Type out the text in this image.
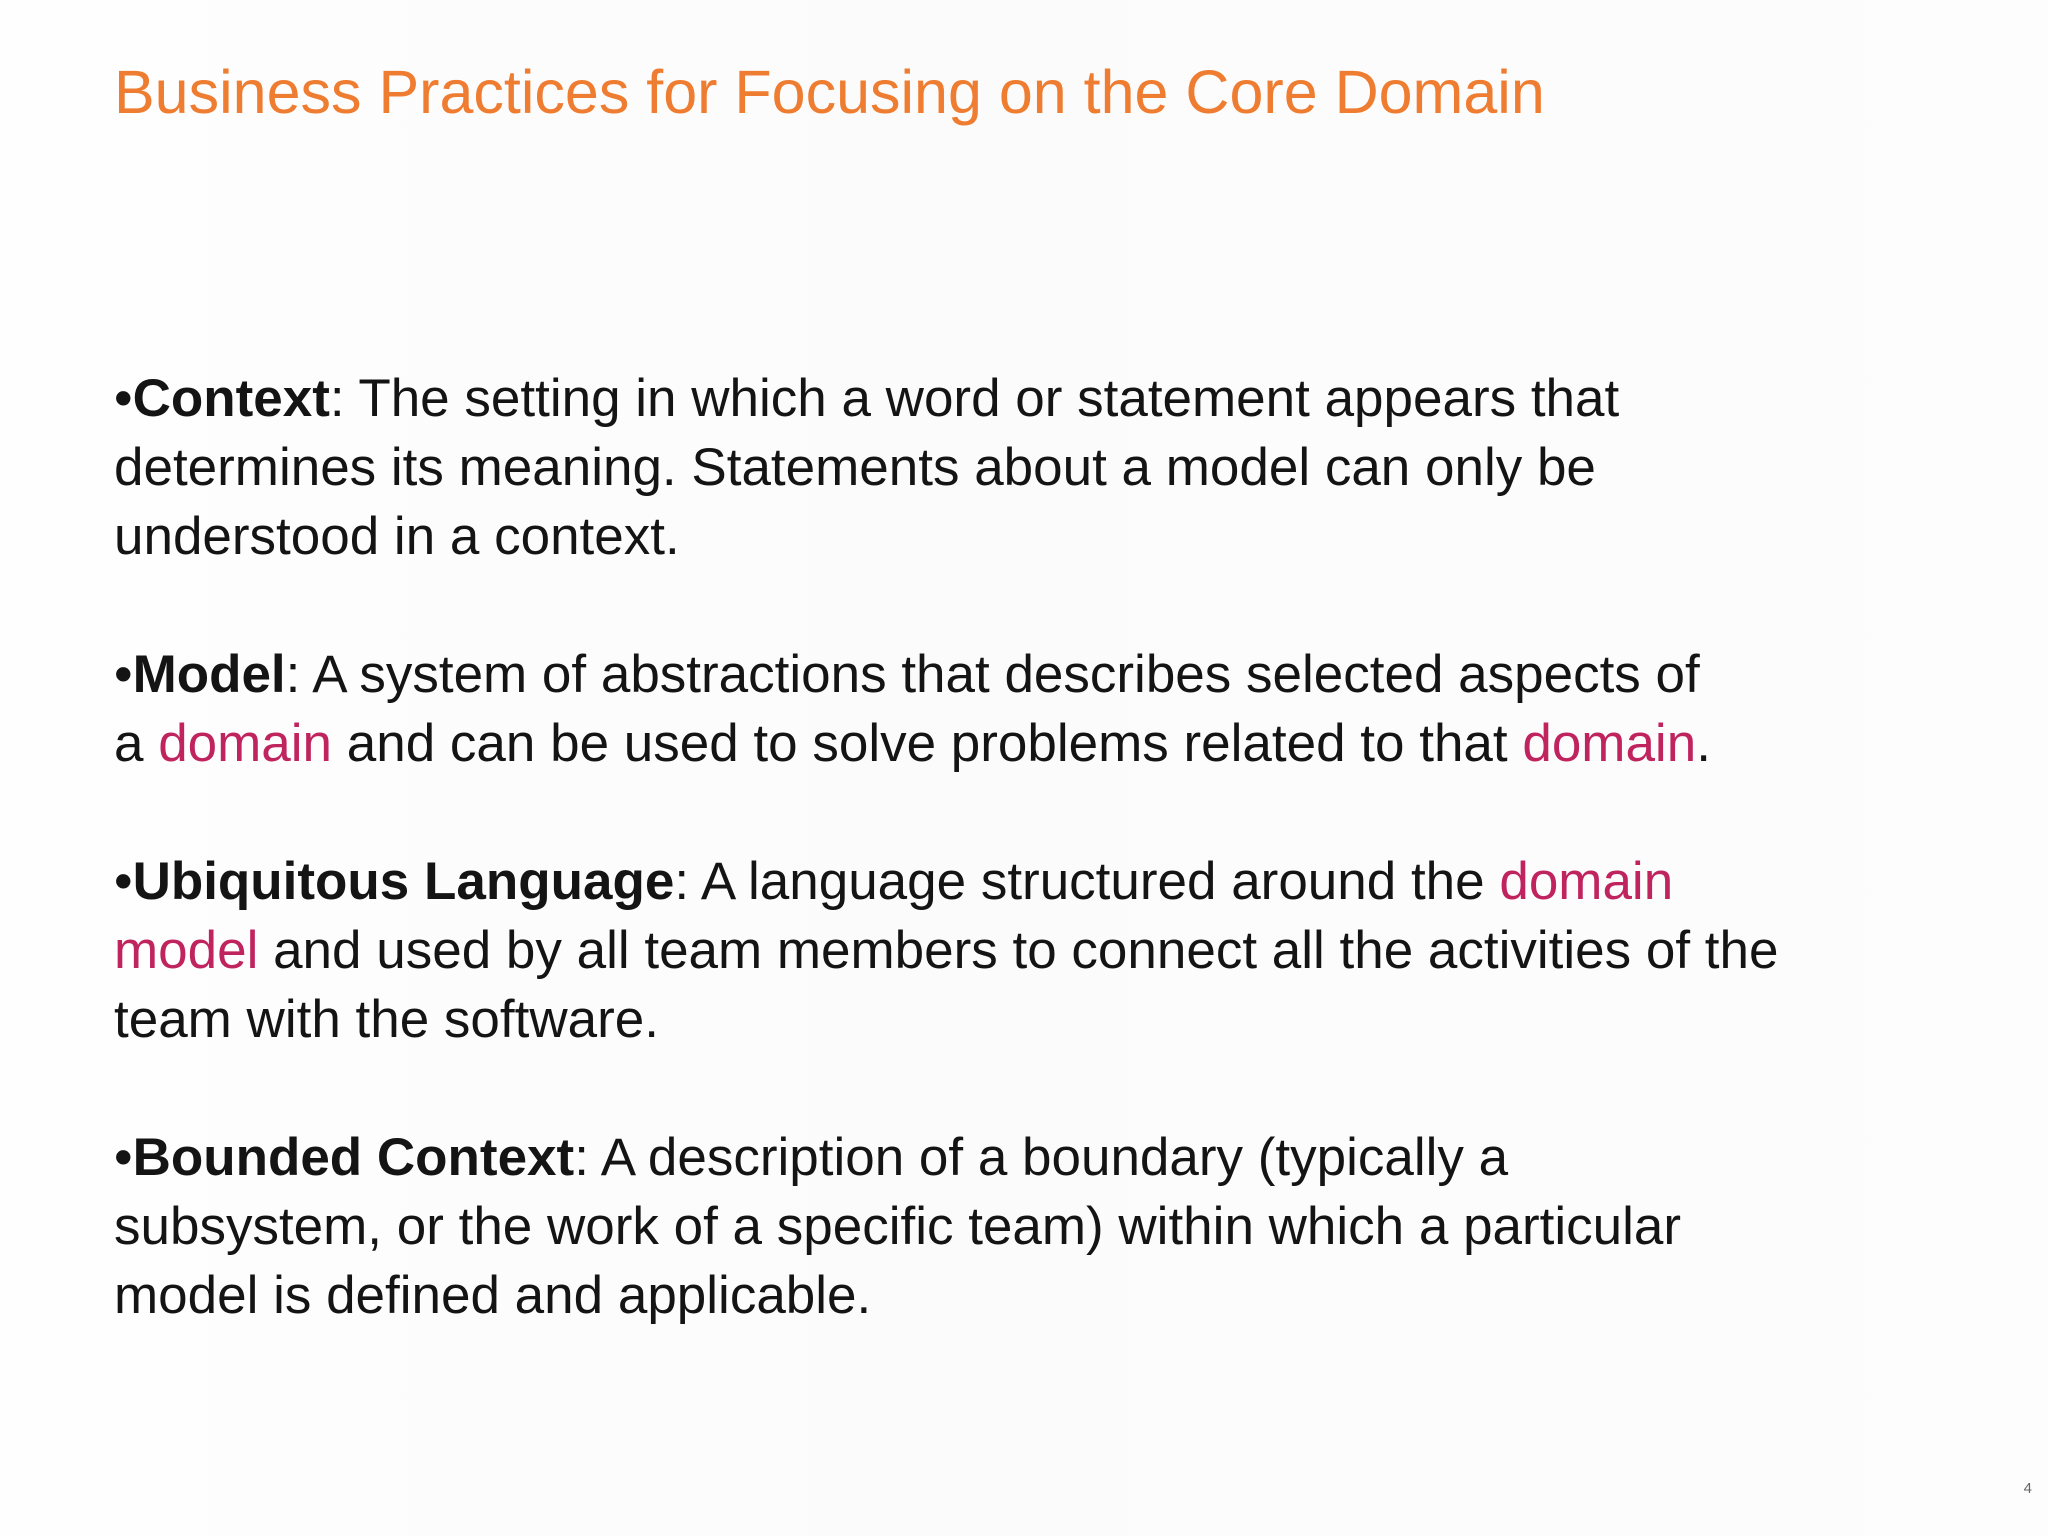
Business Practices for Focusing on the Core Domain

•Context: The setting in which a word or statement appears that
determines its meaning. Statements about a model can only be
understood in a context.

•Model: A system of abstractions that describes selected aspects of
a domain and can be used to solve problems related to that domain.

•Ubiquitous Language: A language structured around the domain
model and used by all team members to connect all the activities of the
team with the software.

•Bounded Context: A description of a boundary (typically a
subsystem, or the work of a specific team) within which a particular
model is defined and applicable.

4
